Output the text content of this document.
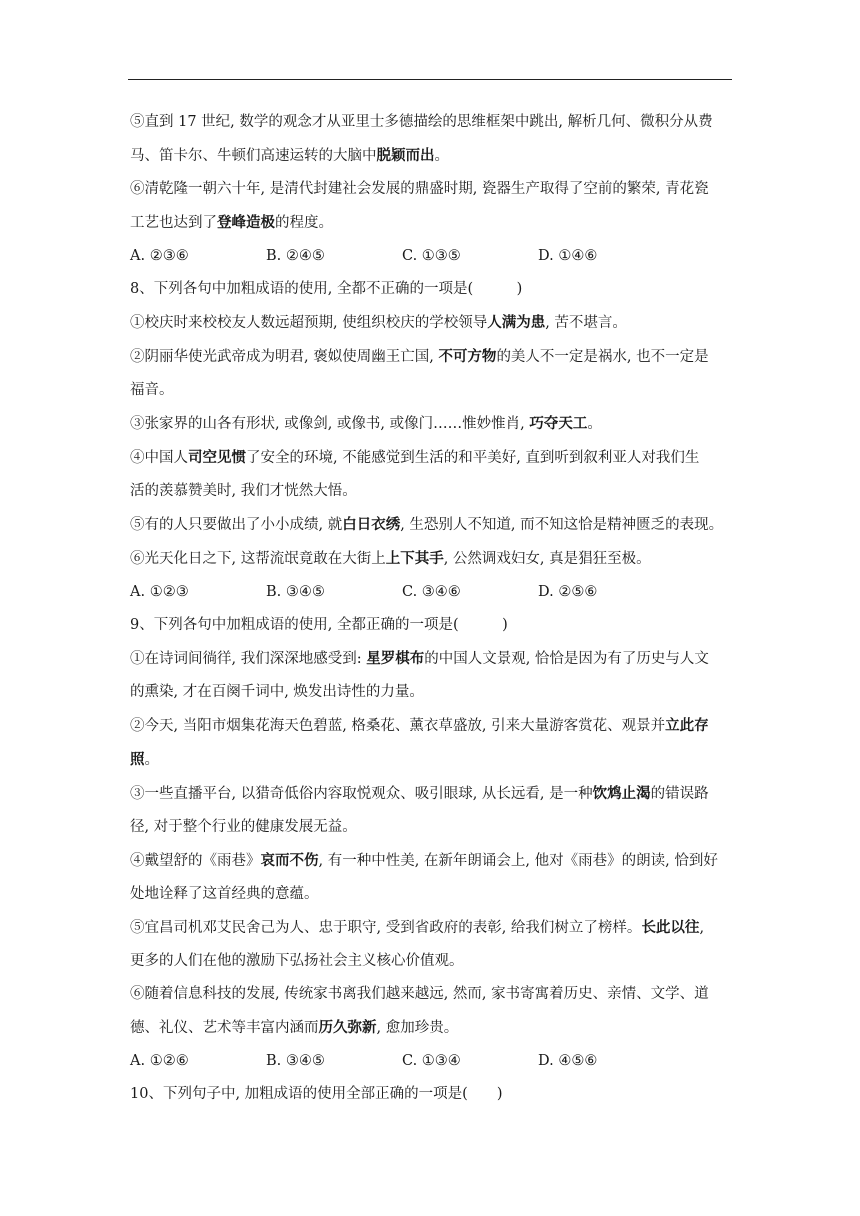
⑤直到 17 世纪, 数学的观念才从亚里士多德描绘的思维框架中跳出, 解析几何、微积分从费
马、笛卡尔、牛顿们高速运转的大脑中脱颖而出。

⑥清乾隆一朝六十年, 是清代封建社会发展的鼎盛时期, 瓷器生产取得了空前的繁荣, 青花瓷
工艺也达到了登峰造极的程度。

A. ②③⑥	B. ②④⑤	C. ①③⑤	D. ①④⑥

8、下列各句中加粗成语的使用, 全都不正确的一项是(　　　)

①校庆时来校校友人数远超预期, 使组织校庆的学校领导人满为患, 苦不堪言。

②阴丽华使光武帝成为明君, 褒姒使周幽王亡国, 不可方物的美人不一定是祸水, 也不一定是
福音。

③张家界的山各有形状, 或像剑, 或像书, 或像门……惟妙惟肖, 巧夺天工。

④中国人司空见惯了安全的环境, 不能感觉到生活的和平美好, 直到听到叙利亚人对我们生
活的羡慕赞美时, 我们才恍然大悟。

⑤有的人只要做出了小小成绩, 就白日衣绣, 生恐别人不知道, 而不知这恰是精神匮乏的表现。

⑥光天化日之下, 这帮流氓竟敢在大街上上下其手, 公然调戏妇女, 真是猖狂至极。

A. ①②③	B. ③④⑤	C. ③④⑥	D. ②⑤⑥

9、下列各句中加粗成语的使用, 全都正确的一项是(　　　)

①在诗词间徜徉, 我们深深地感受到: 星罗棋布的中国人文景观, 恰恰是因为有了历史与人文
的熏染, 才在百阕千词中, 焕发出诗性的力量。

②今天, 当阳市烟集花海天色碧蓝, 格桑花、薰衣草盛放, 引来大量游客赏花、观景并立此存
照。

③一些直播平台, 以猎奇低俗内容取悦观众、吸引眼球, 从长远看, 是一种饮鸩止渴的错误路
径, 对于整个行业的健康发展无益。

④戴望舒的《雨巷》哀而不伤, 有一种中性美, 在新年朗诵会上, 他对《雨巷》的朗读, 恰到好
处地诠释了这首经典的意蕴。

⑤宜昌司机邓艾民舍己为人、忠于职守, 受到省政府的表彰, 给我们树立了榜样。长此以往,
更多的人们在他的激励下弘扬社会主义核心价值观。

⑥随着信息科技的发展, 传统家书离我们越来越远, 然而, 家书寄寓着历史、亲情、文学、道
德、礼仪、艺术等丰富内涵而历久弥新, 愈加珍贵。

A. ①②⑥	B. ③④⑤	C. ①③④	D. ④⑤⑥

10、下列句子中, 加粗成语的使用全部正确的一项是(　　)
